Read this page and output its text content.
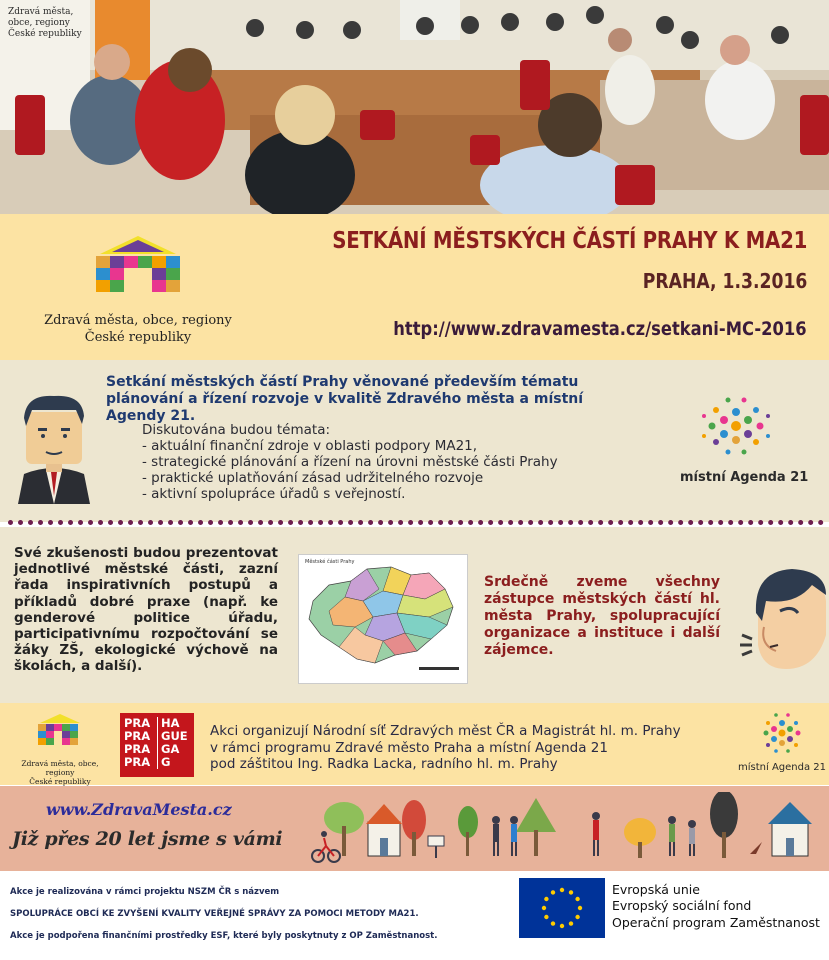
Zdravá města, obce, regiony České republiky
Zdravá města, obce, regiony
České republiky
SETKÁNÍ MĚSTSKÝCH ČÁSTÍ PRAHY K MA21
PRAHA, 1.3.2016
http://www.zdravamesta.cz/setkani-MC-2016
Setkání městských částí Prahy věnované především tématu plánování a řízení rozvoje v kvalitě Zdravého města a místní Agendy 21.
Diskutována budou témata:
- aktuální finanční zdroje v oblasti podpory MA21,
- strategické plánování a řízení na úrovni městské části Prahy
- praktické uplatňování zásad udržitelného rozvoje
- aktivní spolupráce úřadů s veřejností.
místní Agenda 21
Své zkušenosti budou prezentovat jednotlivé městské části, zazní řada inspirativních postupů a příkladů dobré praxe (např. ke genderové politice úřadu, participativnímu rozpočtování se žáky ZŠ, ekologické výchově na školách, a další).
Městské části Prahy
Srdečně zveme všechny zástupce městských částí hl. města Prahy, spolupracující organizace a instituce i další zájemce.
Zdravá města, obce, regiony
České republiky
PRA HA
PRA GUE
PRA GA
PRA G
Akci organizují Národní síť Zdravých měst ČR a Magistrát hl. m. Prahy
v rámci programu Zdravé město Praha a místní Agenda 21
pod záštitou Ing. Radka Lacka, radního hl. m. Prahy	místní Agenda 21
www.ZdravaMesta.cz
Již přes 20 let jsme s vámi
Akce je realizována v rámci projektu NSZM ČR s názvem
SPOLUPRÁCE OBCÍ KE ZVYŠENÍ KVALITY VEŘEJNÉ SPRÁVY ZA POMOCI METODY MA21.
Akce je podpořena finančními prostředky ESF, které byly poskytnuty z OP Zaměstnanost.
Evropská unie
Evropský sociální fond
Operační program Zaměstnanost
